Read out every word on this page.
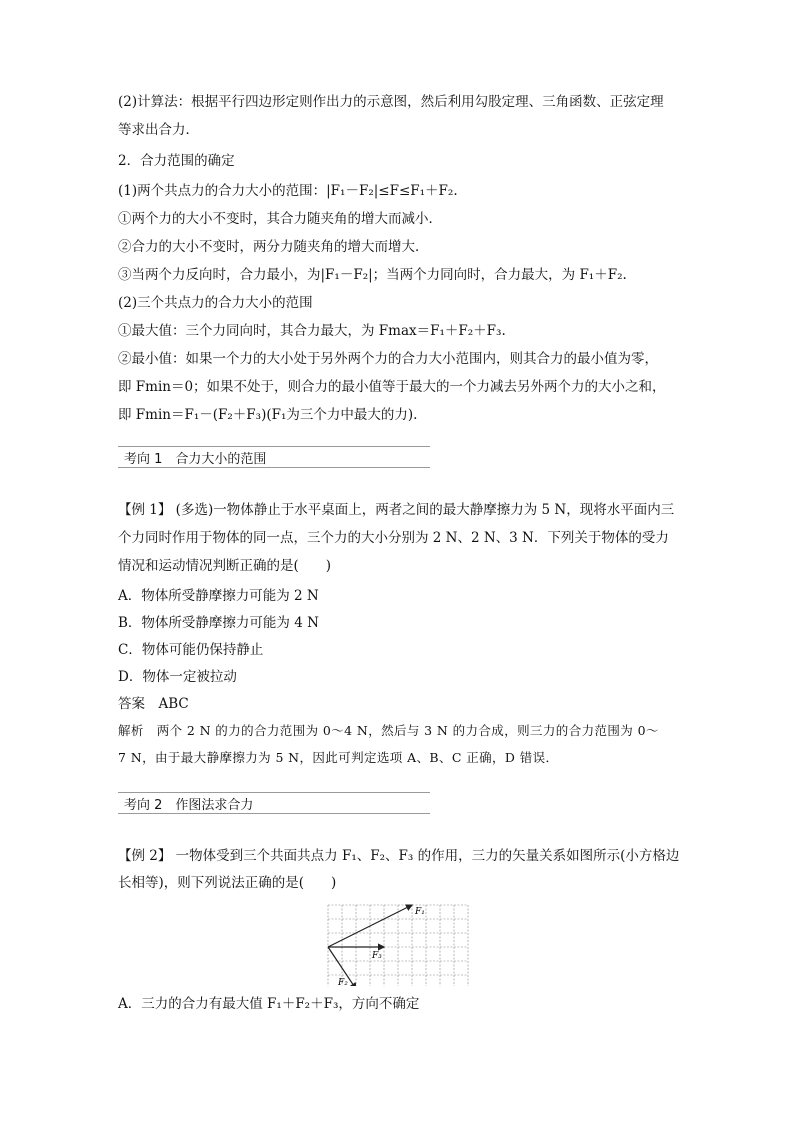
(2)计算法：根据平行四边形定则作出力的示意图，然后利用勾股定理、三角函数、正弦定理
等求出合力．
2．合力范围的确定
(1)两个共点力的合力大小的范围：|F₁－F₂|≤F≤F₁＋F₂.
①两个力的大小不变时，其合力随夹角的增大而减小．
②合力的大小不变时，两分力随夹角的增大而增大．
③当两个力反向时，合力最小，为|F₁－F₂|；当两个力同向时，合力最大，为 F₁＋F₂.
(2)三个共点力的合力大小的范围
①最大值：三个力同向时，其合力最大，为 Fmax＝F₁＋F₂＋F₃.
②最小值：如果一个力的大小处于另外两个力的合力大小范围内，则其合力的最小值为零，
即 Fmin＝0；如果不处于，则合力的最小值等于最大的一个力减去另外两个力的大小之和，
即 Fmin＝F₁－(F₂＋F₃)(F₁为三个力中最大的力).
考向 1　合力大小的范围
【例 1】 (多选)一物体静止于水平桌面上，两者之间的最大静摩擦力为 5 N，现将水平面内三
个力同时作用于物体的同一点，三个力的大小分别为 2 N、2 N、3 N．下列关于物体的受力
情况和运动情况判断正确的是(　　)
A．物体所受静摩擦力可能为 2 N
B．物体所受静摩擦力可能为 4 N
C．物体可能仍保持静止
D．物体一定被拉动
答案　ABC
解析　两个 2 N 的力的合力范围为 0～4 N，然后与 3 N 的力合成，则三力的合力范围为 0～
7 N，由于最大静摩擦力为 5 N，因此可判定选项 A、B、C 正确，D 错误．
考向 2　作图法求合力
【例 2】 一物体受到三个共面共点力 F₁、F₂、F₃ 的作用，三力的矢量关系如图所示(小方格边
长相等)，则下列说法正确的是(　　)
F₁
F₂
F₃
A．三力的合力有最大值 F₁＋F₂＋F₃，方向不确定
